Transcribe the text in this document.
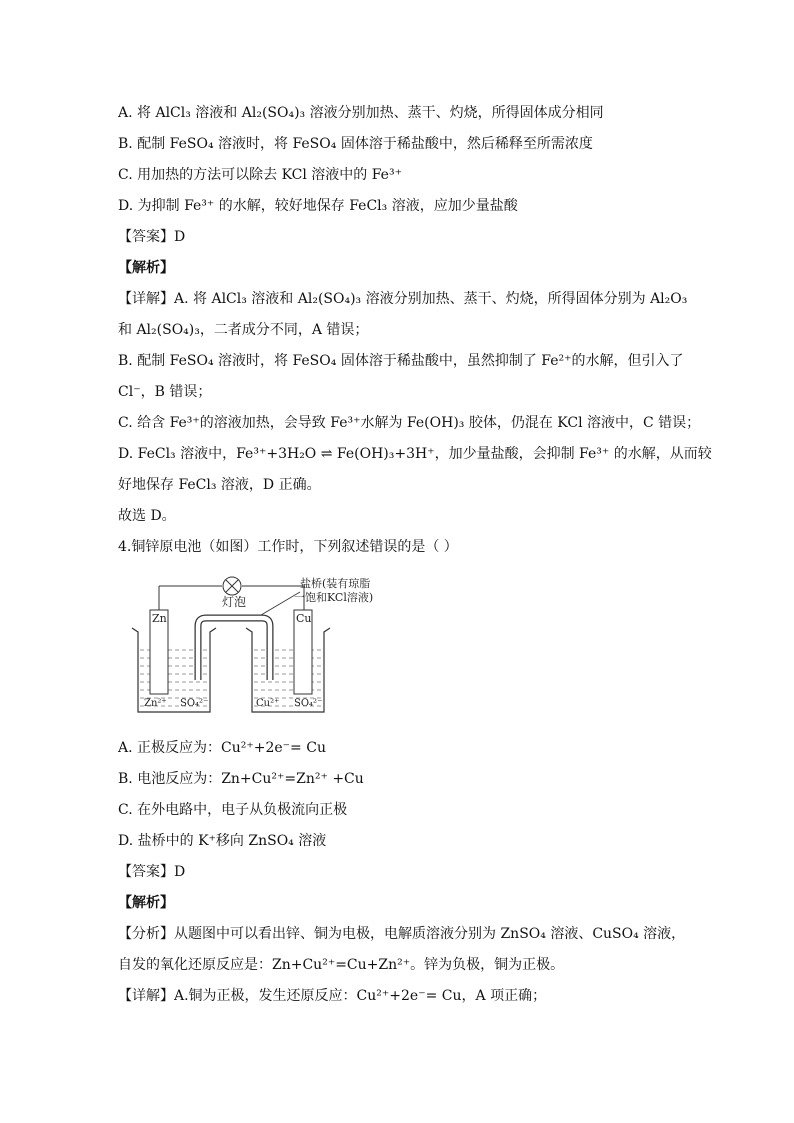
A. 将 AlCl₃ 溶液和 Al₂(SO₄)₃ 溶液分别加热、蒸干、灼烧，所得固体成分相同
B. 配制 FeSO₄ 溶液时，将 FeSO₄ 固体溶于稀盐酸中，然后稀释至所需浓度
C. 用加热的方法可以除去 KCl 溶液中的 Fe³⁺
D. 为抑制 Fe³⁺ 的水解，较好地保存 FeCl₃ 溶液，应加少量盐酸
【答案】D
【解析】
【详解】A. 将 AlCl₃ 溶液和 Al₂(SO₄)₃ 溶液分别加热、蒸干、灼烧，所得固体分别为 Al₂O₃
和 Al₂(SO₄)₃，二者成分不同，A 错误；
B. 配制 FeSO₄ 溶液时，将 FeSO₄ 固体溶于稀盐酸中，虽然抑制了 Fe²⁺的水解，但引入了
Cl⁻，B 错误；
C. 给含 Fe³⁺的溶液加热，会导致 Fe³⁺水解为 Fe(OH)₃ 胶体，仍混在 KCl 溶液中，C 错误；
D. FeCl₃ 溶液中，Fe³⁺+3H₂O ⇌ Fe(OH)₃+3H⁺，加少量盐酸，会抑制 Fe³⁺ 的水解，从而较
好地保存 FeCl₃ 溶液，D 正确。
故选 D。
4.铜锌原电池（如图）工作时，下列叙述错误的是（ ）
灯泡
盐桥(装有琼脂
一饱和KCl溶液)
Zn
Zn²⁺ SO₄²⁻
Cu
Cu²⁺ SO₄²⁻
A. 正极反应为：Cu²⁺+2e⁻= Cu
B. 电池反应为：Zn+Cu²⁺=Zn²⁺ +Cu
C. 在外电路中，电子从负极流向正极
D. 盐桥中的 K⁺移向 ZnSO₄ 溶液
【答案】D
【解析】
【分析】从题图中可以看出锌、铜为电极，电解质溶液分别为 ZnSO₄ 溶液、CuSO₄ 溶液，
自发的氧化还原反应是：Zn+Cu²⁺=Cu+Zn²⁺。锌为负极，铜为正极。
【详解】A.铜为正极，发生还原反应：Cu²⁺+2e⁻= Cu，A 项正确；
